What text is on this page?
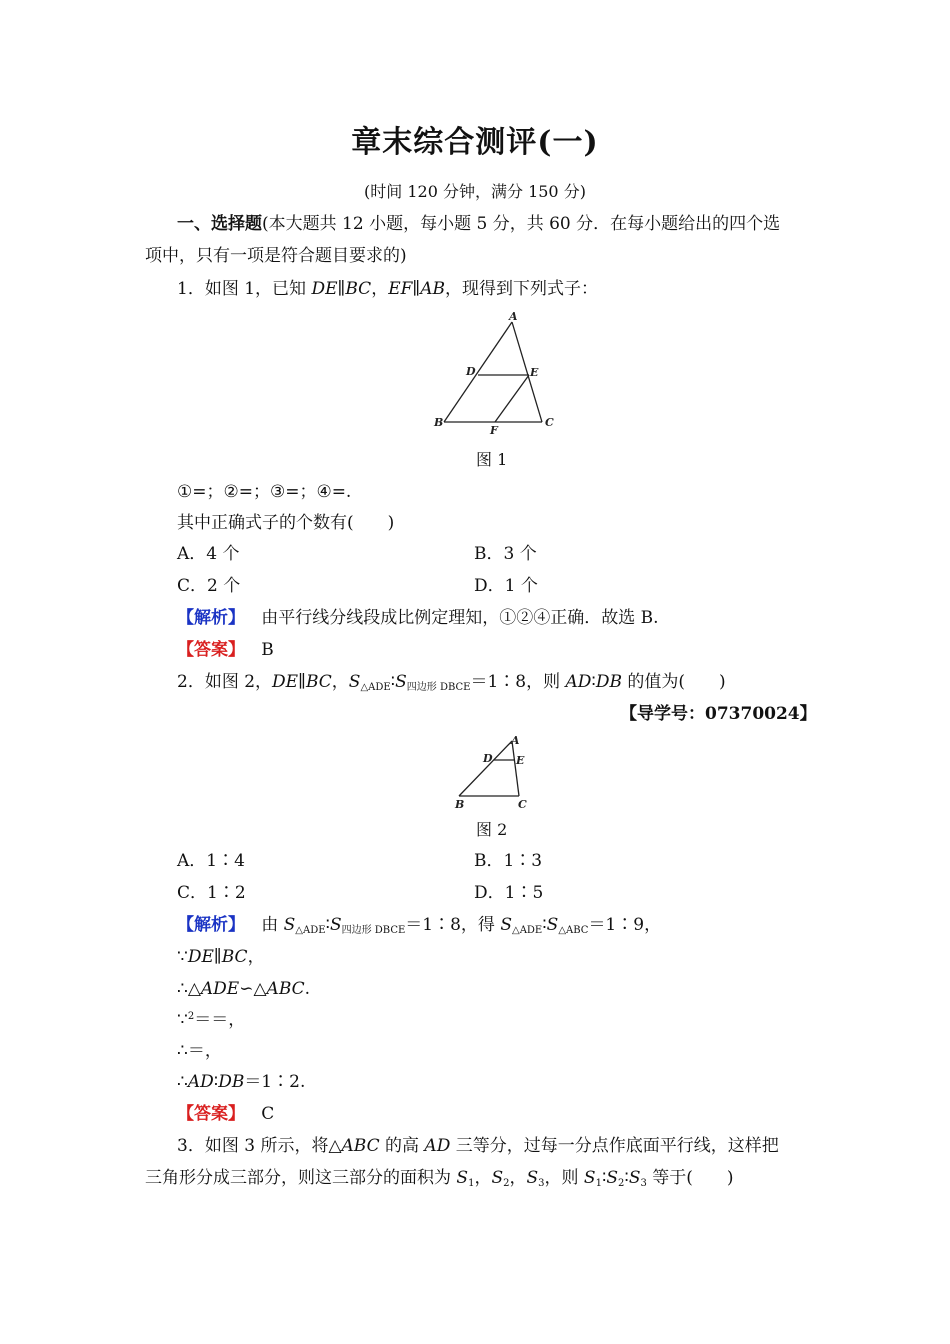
章末综合测评(一)
(时间 120 分钟，满分 150 分)
一、选择题(本大题共 12 小题，每小题 5 分，共 60 分．在每小题给出的四个选
项中，只有一项是符合题目要求的)
1．如图 1，已知 DE∥BC，EF∥AB，现得到下列式子：
A
D	E
B
F
C
图 1
①=；②=；③=；④=.
其中正确式子的个数有(　　)
A．4 个	B．3 个
C．2 个	D．1 个
【解析】 由平行线分线段成比例定理知，①②④正确．故选 B.
【答案】 B
2．如图 2，DE∥BC，$S_{\triangle ADE}∶S_{四边形 DBCE}=1∶8$，则 AD∶DB 的值为(　　)
【导学号：07370024】
A
D E
B	C
图 2
A．1∶4	B．1∶3
C．1∶2	D．1∶5
【解析】 由 $S_{\triangle ADE}∶S_{四边形 DBCE}=1∶8$，得 $S_{\triangle ADE}∶S_{\triangle ABC}=1∶9$，
∵DE∥BC，
∴△ADE∽△ABC.
∵$^2$＝＝，
∴＝，
∴AD∶DB＝1∶2.
【答案】 C
3．如图 3 所示，将△ABC 的高 AD 三等分，过每一分点作底面平行线，这样把
三角形分成三部分，则这三部分的面积为 $S_1$，$S_2$，$S_3$，则 $S_1∶S_2∶S_3$ 等于(　　)
